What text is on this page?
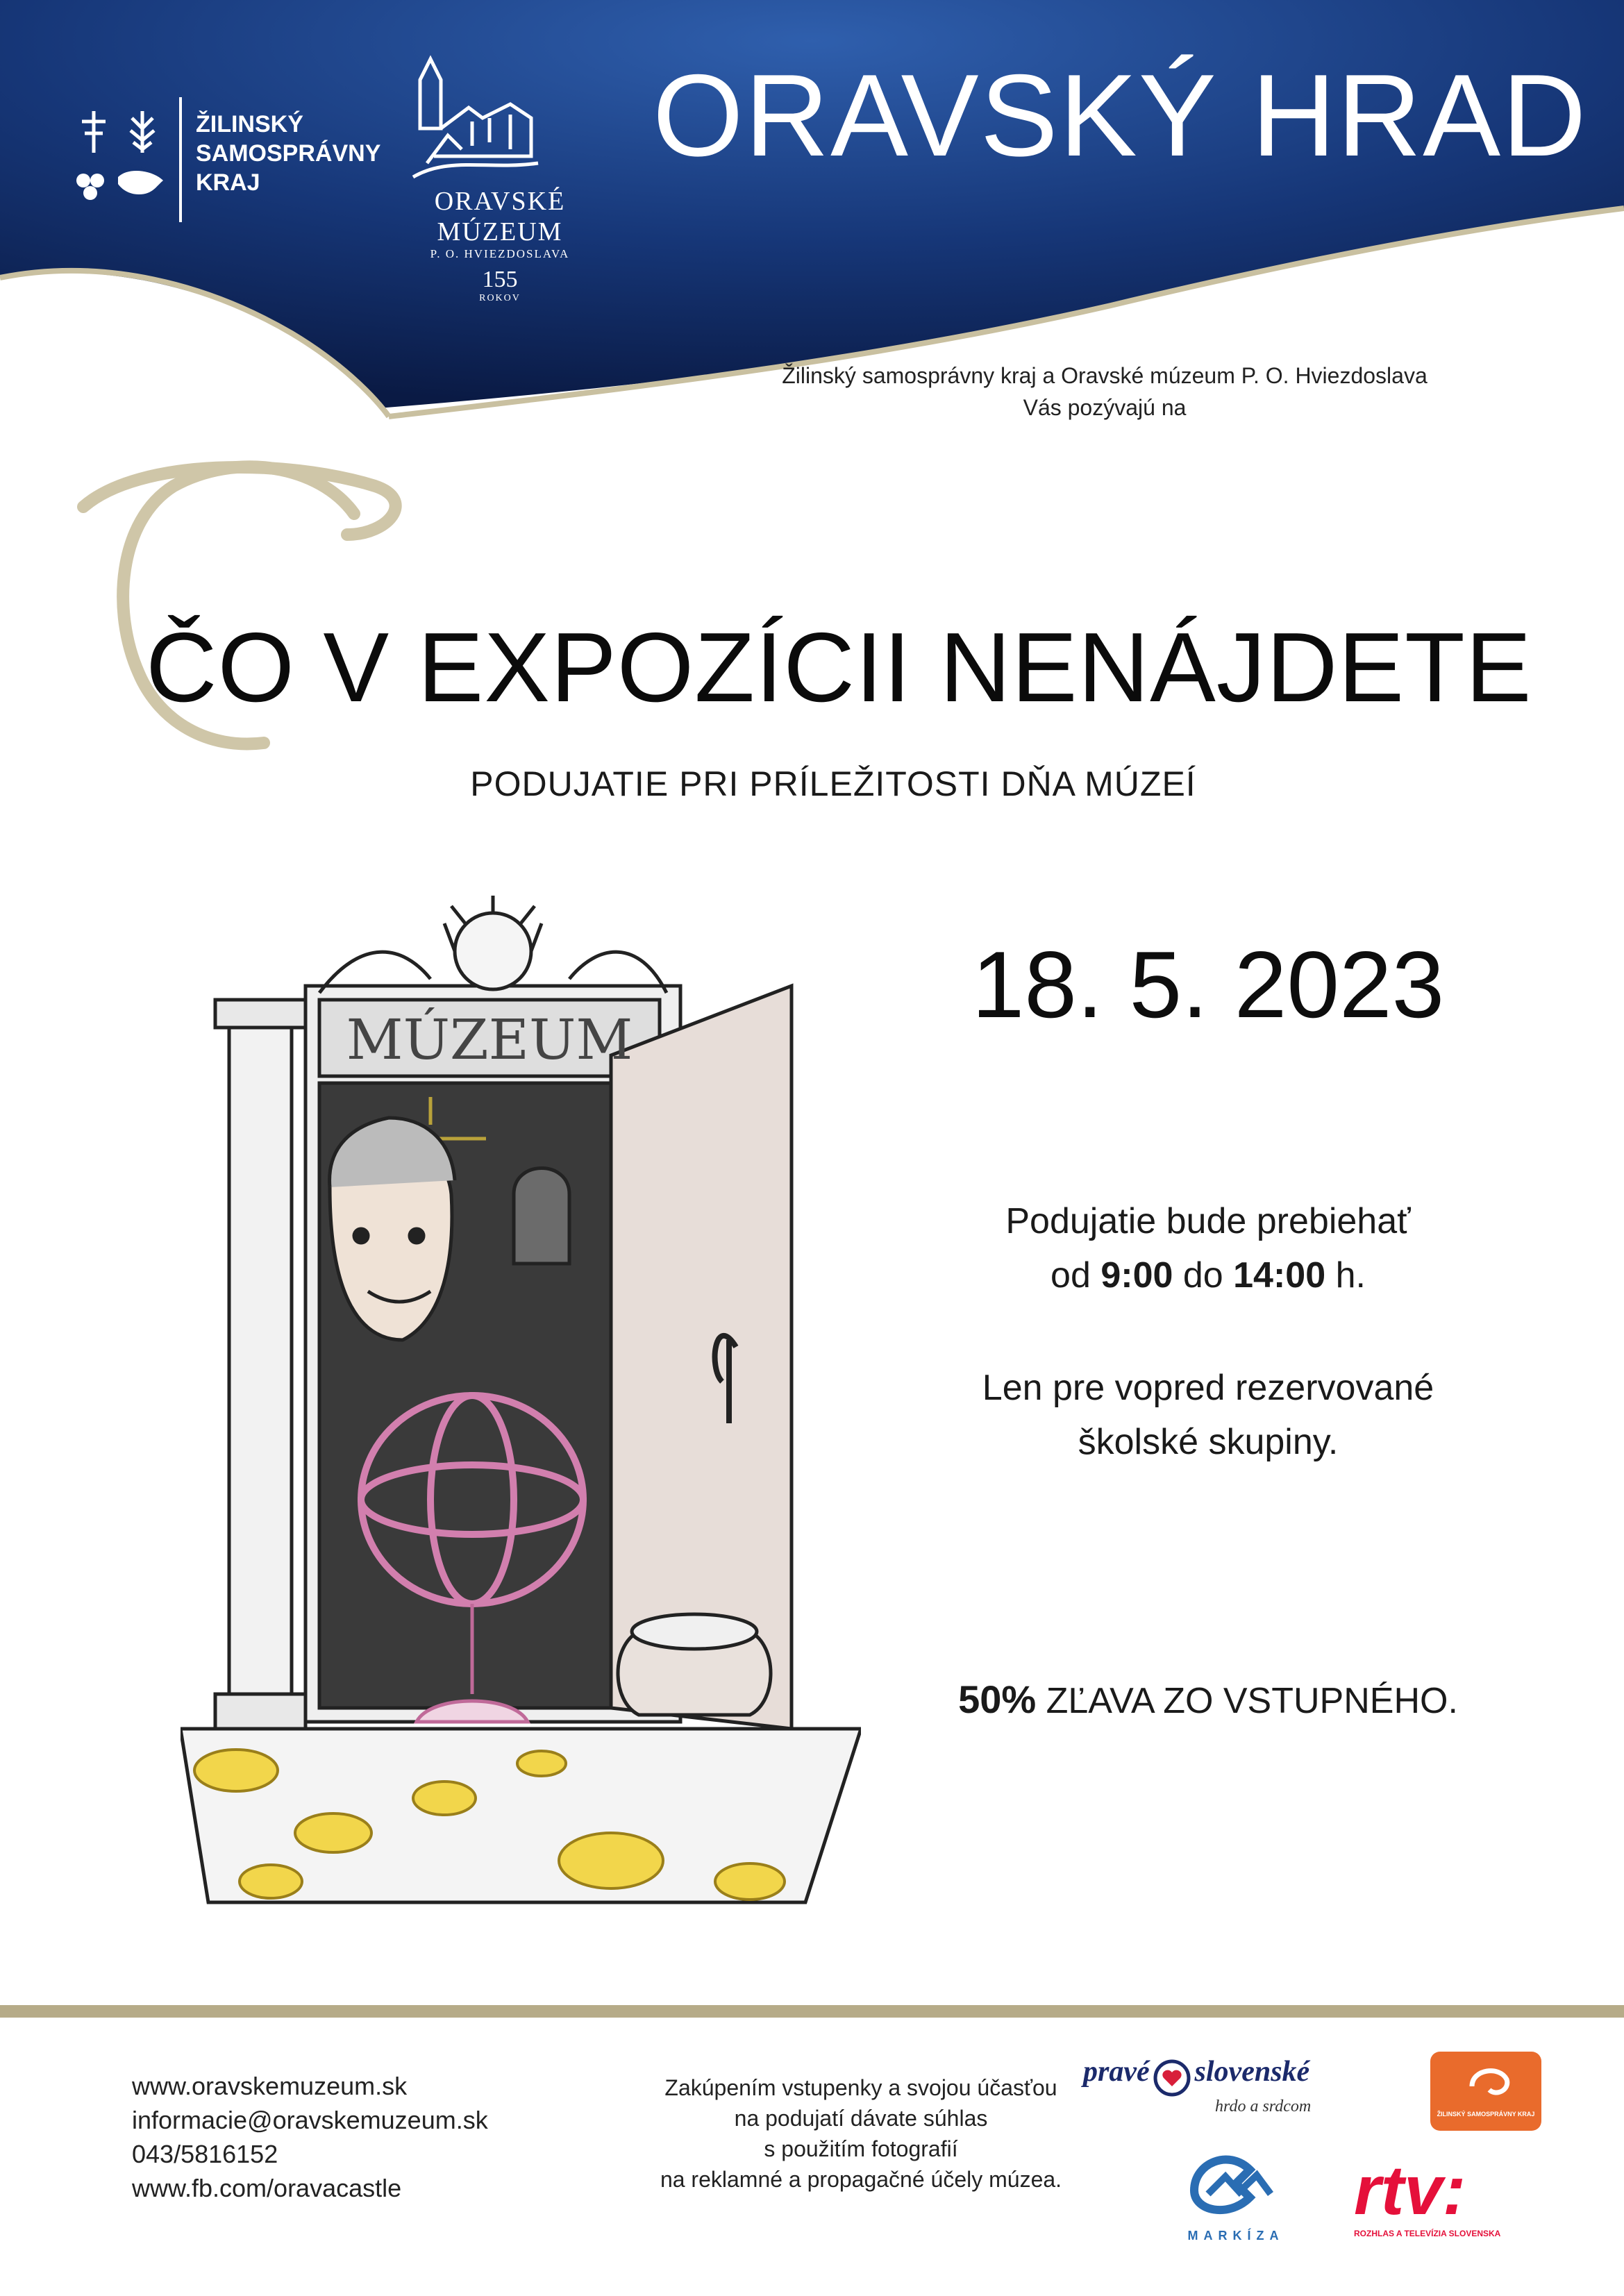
ŽILINSKÝ
SAMOSPRÁVNY
KRAJ
ORAVSKÉ
MÚZEUM
P. O. HVIEZDOSLAVA
155
ROKOV
ORAVSKÝ HRAD
Žilinský samosprávny kraj a Oravské múzeum P. O. Hviezdoslava
Vás pozývajú na
ČO V EXPOZÍCII NENÁJDETE
PODUJATIE PRI PRÍLEŽITOSTI DŇA MÚZEÍ
MÚZEUM
18. 5. 2023
Podujatie bude prebiehať
od 9:00 do 14:00 h.
Len pre vopred rezervované
školské skupiny.
50% ZĽAVA ZO VSTUPNÉHO.
www.oravskemuzeum.sk
informacie@oravskemuzeum.sk
043/5816152
www.fb.com/oravacastle
Zakúpením vstupenky a svojou účasťou
na podujatí dávate súhlas
s použitím fotografií
na reklamné a propagačné účely múzea.
pravé slovenské
hrdo a srdcom	ŽILINSKÝ SAMOSPRÁVNY KRAJ
MARKÍZA
rtv:
ROZHLAS A TELEVÍZIA SLOVENSKA
